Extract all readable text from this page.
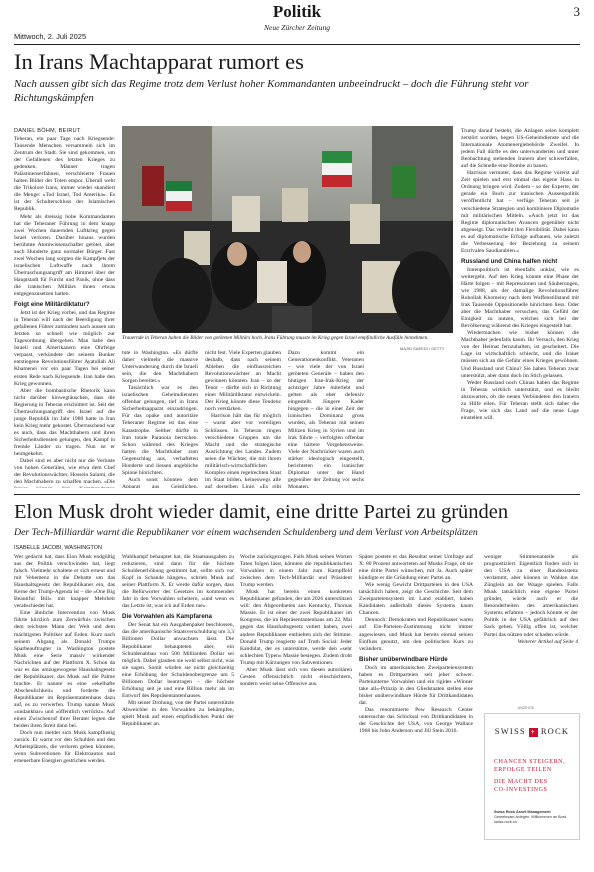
Politik
Neue Zürcher Zeitung
Mittwoch, 2. Juli 2025
3
In Irans Machtapparat rumort es
Nach aussen gibt sich das Regime trotz dem Verlust hoher Kommandanten unbeeindruckt – doch die Führung steht vor Richtungskämpfen
DANIEL BÖHM, BEIRUT

Teheran, ein paar Tage nach Kriegsende: Tausende Menschen versammeln sich im Zentrum der Stadt. Sie sind gekommen, um der Gefallenen des letzten Krieges zu gedenken. Männer tragen Palästinenserfahnen, verschleierte Frauen halten Bilder der Toten empor. Überall weht die Trikolore Irans, immer wieder skandiert die Menge: «Tod Israel, Tod Amerika». Es ist der Schulterschluss der Islamischen Republik.

Mehr als dreissig hohe Kommandanten hat die Teheraner Führung in dem knapp zwei Wochen dauernden Luftkrieg gegen Israel verloren. Darüber hinaus wurden berühmte Atomwissenschafter getötet, aber auch Hunderte ganz normaler Bürger. Fast zwei Wochen lang sorgten die Kampfjets der israelischen Luftwaffe nach ihrem Überraschungsangriff am Himmel über der Hauptstadt für Furcht und Panik, ohne dass die iranischen Militärs ihnen etwas entgegenzusetzen hatten.

Folgt eine Militärdiktatur?

Jetzt ist der Krieg vorbei, und das Regime in Teheran will nach der Beerdigung ihrer gefallenen Führer zumindest nach aussen um Jetzten so schnell wie möglich zur Tagesordnung übergehen. Man habe den Israeli und Amerikanern eine Ohrfeige verpasst, verkündete der seinem Bunker entstiegene Revolutionsführer Ayatollah Ali Khamenei vor ein paar Tagen bei seiner ersten Rede nach Kriegsende. Iran habe den Krieg gewonnen.

Aber die bombastische Rhetorik kann nicht darüber hinwegtäuschen, dass die Regierung in Teheran erschüttert ist. Seit der Überraschungsangriff des Israel auf die junge Republik im Jahr 1980 hatte in Iran kein Krieg mehr gekostet. Überraschend war es auch, dass das Machthabern und ihren Sicherheitsdiensten gelungen, den Kampf in fremde Länder zu tragen. Nun ist er heimgekehrt.

Dabei sind es aber nicht nur die Verluste von hohen Generälen, wie etwa dem Chef der Revolutionswächter, Hossein Salami, die den Machthabern zu schaffen machen. «Die

Trauernde in Teheran halten die Bilder von getöteten Militärs hoch. Irans Führung musste im Krieg gegen Israel empfindliche Ausfälle hinnehmen.
MAJID SAEEDI / GETTY

tute in Washington. «Es dürfte daher vielmehr die massive Unterwanderung durch die Israeli sein, die den Machthabern Sorgen bereitet.»

Tatsächlich war es den israelischen Geheimdiensten offenbar gelungen, tief in Irans Sicherheitsapparat einzudringen. Für das opake und autoritäre Teheraner Regime ist das eine Katastrophe. Seither dürfte in Iran totale Paranoia herrschen. Schon während des Krieges hatten die Machthaber zum Gegenschlag aus, verhafteten Hunderte und liessen angebliche Spione hinrichten.

Auch sonst könnten dem Apparat aus Geistlichen,

nicht fest. Viele Experten glauben deshalb, dass nach seinem Ableben die einflussreichen Revolutionswächter an Macht gewinnen könnten. Iran – so der Tenor – dürfte sich in Richtung einer Militärdiktatur entwickeln. Der Krieg könnte diese Tendenz noch verstärken.

Harrison hält das für möglich – warnt aber vor voreiligen Schlüssen. In Teheran ringen verschiedene Gruppen um die Macht und die strategische Ausrichtung des Landes. Zudem seien die Wächter, die mit ihrem militärisch-wirtschaftlichen Komplex einen regelrechten Staat im Staat bilden, keineswegs alle auf derselben Linie. «Es gibt

Dazu kommt ein Generationenkonflikt. Veteranen – wie viele der von Israel getöteten Generäle – haben den blutigen Iran-Irak-Krieg der achtziger Jahre miterlebt und gelten als eher defensiv eingestellt. Jüngere Kader hingegen – die in einer Zeit der iranischen Dominanz gross wurden, als Teheran mit seinen Milizen Krieg in Syrien und im Irak führte – verfolgten offenbar eine härtere Vorgehensweise. Viele der Nachrücker waren auch stärker ideologisch eingestellt, berichteten ein iranischer Diplomat unter der Hand gegenüber der Zeitung vor sechs Monaten.

Trump darauf besteht, die Anlagen seien komplett zerstört worden, hegen US-Geheimdienste und die Internationale Atomenergiebehörde Zweifel. In jedem Fall dürfte es den unterwanderten und unter Beobachtung stehenden Iranern aber schwerfallen, auf die Schnelle eine Bombe zu bauen.

Harrison vermutet, dass das Regime vorerst auf Zeit spielen und erst einmal das eigene Haus in Ordnung bringen wird. Zudem – so der Experte, der gerade ein Buch zur iranischen Aussenpolitik veröffentlicht hat – verfüge Teheran seit je verschiedene Strategien und kombiniere Diplomatie mit militärischen Mitteln. «Auch jetzt ist das Regime diplomatischen Avancen gegenüber nicht abgeneigt. Das verleiht ihm Flexibilität. Dabei kann es auf diplomatische Erfolge aufbauen, wie zuletzt die Verbesserung der Beziehung zu seinem Erzrivalen Saudiarabien.»

Russland und China halfen nicht

Innenpolitisch ist ebenfalls unklar, wie es weitergeht. Auf den Krieg könnte eine Phase der Härte folgen – mit Repressionen und Säuberungen, wie 1988, als der damalige Revolutionsführer Ruhollah Khomeiny nach dem Waffenstillstand mit Irak Tausende Oppositionelle hinrichten liess. Oder aber die Machthaber versuchen, das Gefühl der Einigkeit zu nutzen, welches sich bei der Bevölkerung während des Krieges eingestellt hat.

Wiedermachen wie bisher können die Machthaber jedenfalls kaum. Ihr Versuch, den Krieg von der Heimat fernzuhalten, ist gescheitert. Die Lage ist wirtschaftlich schlecht, und die Iraner müssen sich an die Gefahr eines Krieges gewöhnen. Und Russland und China? Sie haben Teheran zwar unterstützt, aber dann doch im Stich gelassen.

Weder Russland noch Chinas haben das Regime in Teheran wirklich unterstützt, und es bleibt abzuwarten, ob die neuen Verbündeten den Iranern zu Hilfe eilen. Für Teheran stellt sich daher die Frage, wie sich das Land auf die neue Lage einstellen will.

Elon Musk droht wieder damit, eine dritte Partei zu gründen
Der Tech-Milliardär warnt die Republikaner vor einem wachsenden Schuldenberg und dem Verlust von Arbeitsplätzen
ISABELLE JACOBI, WASHINGTON

Wer gedacht hat, dass Elon Musk endgültig aus der Politik verschwinden hat, liegt falsch. Vielmehr schaltete er sich erneut und mit Vehemenz in die Debatte um das Haushaltsgesetz der Republikaner ein, das Kerne der Trump-Agenda ist – die «One Big Beautiful Bill» mit knapper Mehrheit verabschiedet hat.

Eine ähnliche Intervention von Musk führte kürzlich zum Zerwürfnis zwischen dem reichsten Mann der Welt und dem mächtigsten Politiker auf Erden. Kurz nach seinem Abgang als Donald Trumps Sparbeauftragter in Washington postete Musk eine Serie massiv wirkender Nachrichten auf der Plattform X. Schon da war es das umzugewogene Haushaltsgesetz der Republikaner, das Musk auf die Palme brachte. Er nannte es eine «ekelhafte Abscheulichkeit» und forderte die Republikaner im Repräsentantenhaus dazu auf, es zu verwerfen. Trump nannte Musk «undankbar» und «öffentlich verrückt». Auf einen Zwischenruf ihrer Berater legten die beiden ihren Streit dann bei.

Doch nun meldet sich Musk kampflustig zurück. Er warnt vor den Schulden und den Arbeitsplätzen, die verloren gehen könnten, wenn Subventionen für Elektroautos und erneuerbare Energien gestrichen werden.

Wahlkampf behauptet hat, die Staatsausgaben zu reduzieren, sind dann für die höchste Schuldenerhöhung gestimmt hat, sollte sich vor Kopf in Schande hängen», schrieb Musk auf seiner Plattform X. Er werde dafür sorgen, dass die Befürworter des Gesetzes im kommenden Jahr in den Vorwahlen scheitern, «und wenn es das Letzte ist, was ich auf Erden tue».

Die Vorwahlen als Kampfarena

Der Senat hat ein Ausgabenpaket beschlossen, das die amerikanische Staatsverschuldung um 3,3 Billionen Dollar anwachsen lässt. Die Republikaner behaupteten aber, ein Schuldenabbau von 500 Milliarden Dollar sei möglich. Dabei glauben sie wohl selbst nicht, was sie sagen. Somit würden sie nicht gleichzeitig eine Erhöhung der Schuldenobergrenze um 5 Billionen Dollar beantragen – die höchste Erhöhung seit je und eine Billion mehr als im Entwurf des Repräsentantenhauses.

Mit seiner Drohung, von der Partei unterstützte Abweichler in den Vorwahlen zu bekämpfen, spielt Musk auf einen empfindlichen Punkt der Republikaner an.

Woche zurückgezogen. Falls Musk seinen Worten Taten folgen lässt, könnten die republikanischen Vorwahlen in einem Jahr zum Kampffeld zwischen dem Tech-Milliardär und Präsident Trump werden.

Musk hat bereits einen konkreten Republikaner gefunden, der am 2026 unterstützen will: den Abgeordneten aus Kentucky, Thomas Massie. Er ist einer der zwei Republikaner im Kongress, die im Repräsentantenhaus am 22. Mai gegen das Haushaltsgesetz votiert haben, zwei andere Republikaner enthielten sich der Stimme. Donald Trump reagierte auf Truth Social: Jeder Kandidat, der es unterstütze, werde den «sehr schlechten Typen» Massie besiegen. Zudem droht Trump mit Kürzungen von Subventionen.

Aber Musk lässt sich von diesen autoritären Gesten offensichtlich nicht einschüchtern, sondern weist seine Offensive aus.

Später postete er das Resultat seiner Umfrage auf X: 80 Prozent antworteten auf Musks Frage, ob sie eine dritte Partei wünschen, mit Ja. Auch später kündigte er die Gründung einer Partei an.

Wie wenig Gewicht Drittparteien in den USA tatsächlich haben, zeigt die Geschichte. Seit dem Zweiparteiensystem im Land etabliert, haben Kandidaten außerhalb dieses Systems kaum Chancen.

Dennoch: Demokraten und Republikaner waren auf Ein-Parteien-Zustimmung nicht immer angewiesen, und Musk hat bereits einmal seinen Einfluss genutzt, um den politischen Kurs zu verändern.

Bisher unüberwindbare Hürde

Doch im amerikanischen Zweiparteiensystem haben es Drittparteien seit jeher schwer. Parteiunterne Vorwahlen und ein rigides «Winner take all»-Prinzip in den Gliedstaaten stellen eine bisher unüberwindbare Hürde für Drittkandidaten dar.

Das renommierte Pew Research Center untersuchte das Schicksal von Drittkandidaten in der Geschichte der USA, von George Wallace 1968 bis John Anderson und Jill Stein 2016.

weniger Stimmenanteile als prognostiziert. Eigentlich finden sich in den USA zu einer Randexistenz verdammt, aber können in Wahlen das Zünglein an der Waage spielen. Falls Musk tatsächlich eine eigene Partei gründet, würde auch er die Besonderheiten des amerikanischen Systems erfahren – jedoch könnte er der Politik in der USA gefährlich auf den Sack gehen. Völlig offen ist, welcher Partei das nützen oder schaden würde.

Weiterer Artikel auf Seite 4

ANZEIGE
SWISS + ROCK
CHANCEN STEIGERN,
ERFOLGE TEILEN
DIE MACHT DES
CO-INVESTINGS
Swiss Rock Asset Management
Gemeinsam anlegen. Willkommen an Bord.
swiss-rock.ch
